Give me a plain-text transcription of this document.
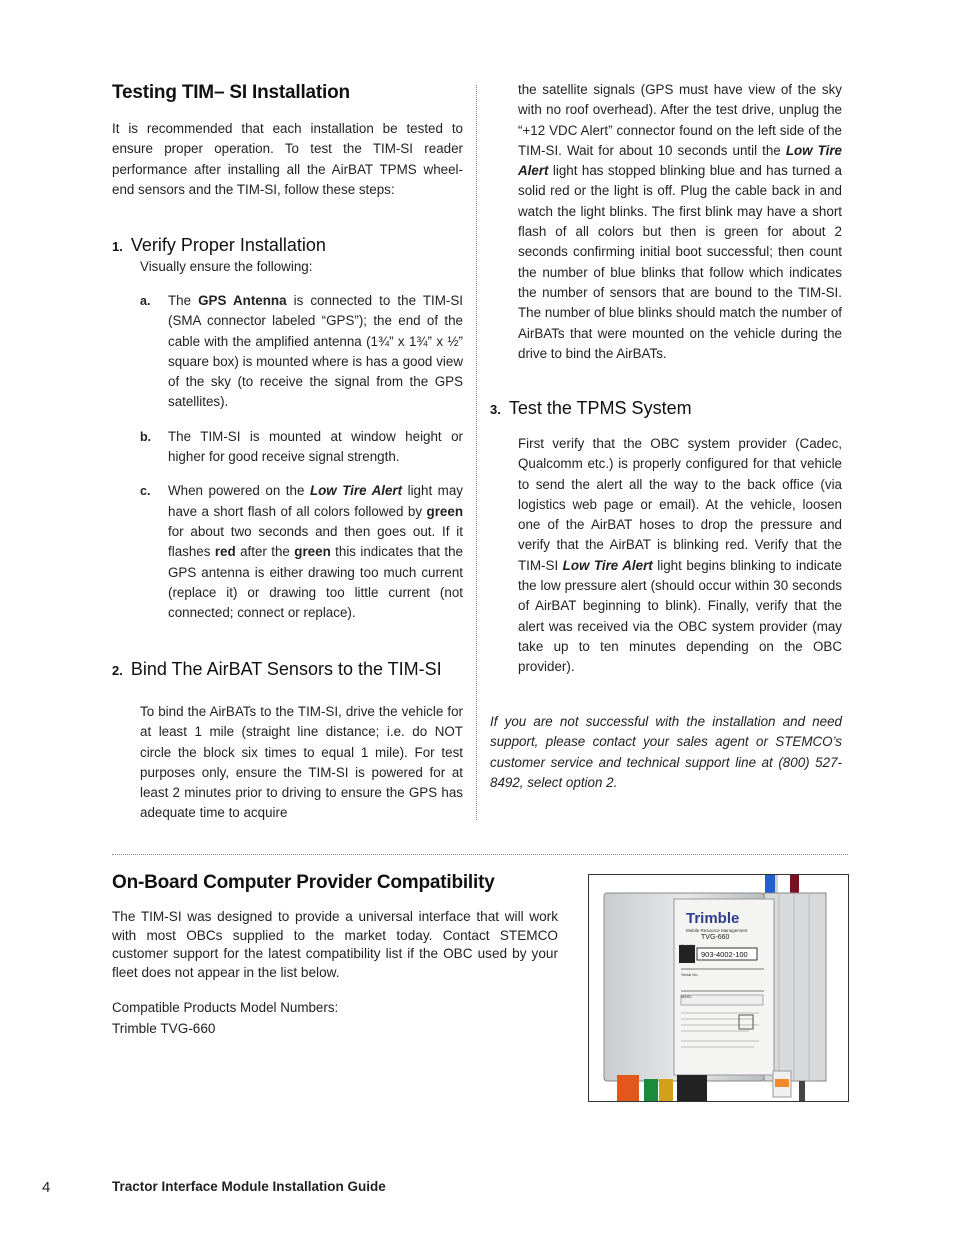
Testing TIM– SI Installation
It is recommended that each installation be tested to ensure proper operation. To test the TIM-SI reader performance after installing all the AirBAT TPMS wheel-end sensors and the TIM-SI, follow these steps:
1. Verify Proper Installation
Visually ensure the following:
a. The GPS Antenna is connected to the TIM-SI (SMA connector labeled “GPS”); the end of the cable with the amplified antenna (1¾” x 1¾” x ½” square box) is mounted where is has a good view of the sky (to receive the signal from the GPS satellites).
b. The TIM-SI is mounted at window height or higher for good receive signal strength.
c. When powered on the Low Tire Alert light may have a short flash of all colors followed by green for about two seconds and then goes out. If it flashes red after the green this indicates that the GPS antenna is either drawing too much current (replace it) or drawing too little current (not connected; connect or replace).
2. Bind The AirBAT Sensors to the TIM-SI
To bind the AirBATs to the TIM-SI, drive the vehicle for at least 1 mile (straight line distance; i.e. do NOT circle the block six times to equal 1 mile). For test purposes only, ensure the TIM-SI is powered for at least 2 minutes prior to driving to ensure the GPS has adequate time to acquire
the satellite signals (GPS must have view of the sky with no roof overhead). After the test drive, unplug the “+12 VDC Alert” connector found on the left side of the TIM-SI. Wait for about 10 seconds until the Low Tire Alert light has stopped blinking blue and has turned a solid red or the light is off. Plug the cable back in and watch the light blinks. The first blink may have a short flash of all colors but then is green for about 2 seconds confirming initial boot successful; then count the number of blue blinks that follow which indicates the number of sensors that are bound to the TIM-SI. The number of blue blinks should match the number of AirBATs that were mounted on the vehicle during the drive to bind the AirBATs.
3. Test the TPMS System
First verify that the OBC system provider (Cadec, Qualcomm etc.) is properly configured for that vehicle to send the alert all the way to the back office (via logistics web page or email). At the vehicle, loosen one of the AirBAT hoses to drop the pressure and verify that the AirBAT is blinking red. Verify that the TIM-SI Low Tire Alert light begins blinking to indicate the low pressure alert (should occur within 30 seconds of AirBAT beginning to blink). Finally, verify that the alert was received via the OBC system provider (may take up to ten minutes depending on the OBC provider).
If you are not successful with the installation and need support, please contact your sales agent or STEMCO’s customer service and technical support line at (800) 527-8492, select option 2.
On-Board Computer Provider Compatibility
The TIM-SI was designed to provide a universal interface that will work with most OBCs supplied to the market today. Contact STEMCO customer support for the latest compatibility list if the OBC used by your fleet does not appear in the list below.
Compatible Products Model Numbers:
Trimble TVG-660
Trimble
Mobile Resource Management
TVG-660
Part No.
903-4002-100
Serial No.
MEID:
4	Tractor Interface Module Installation Guide
